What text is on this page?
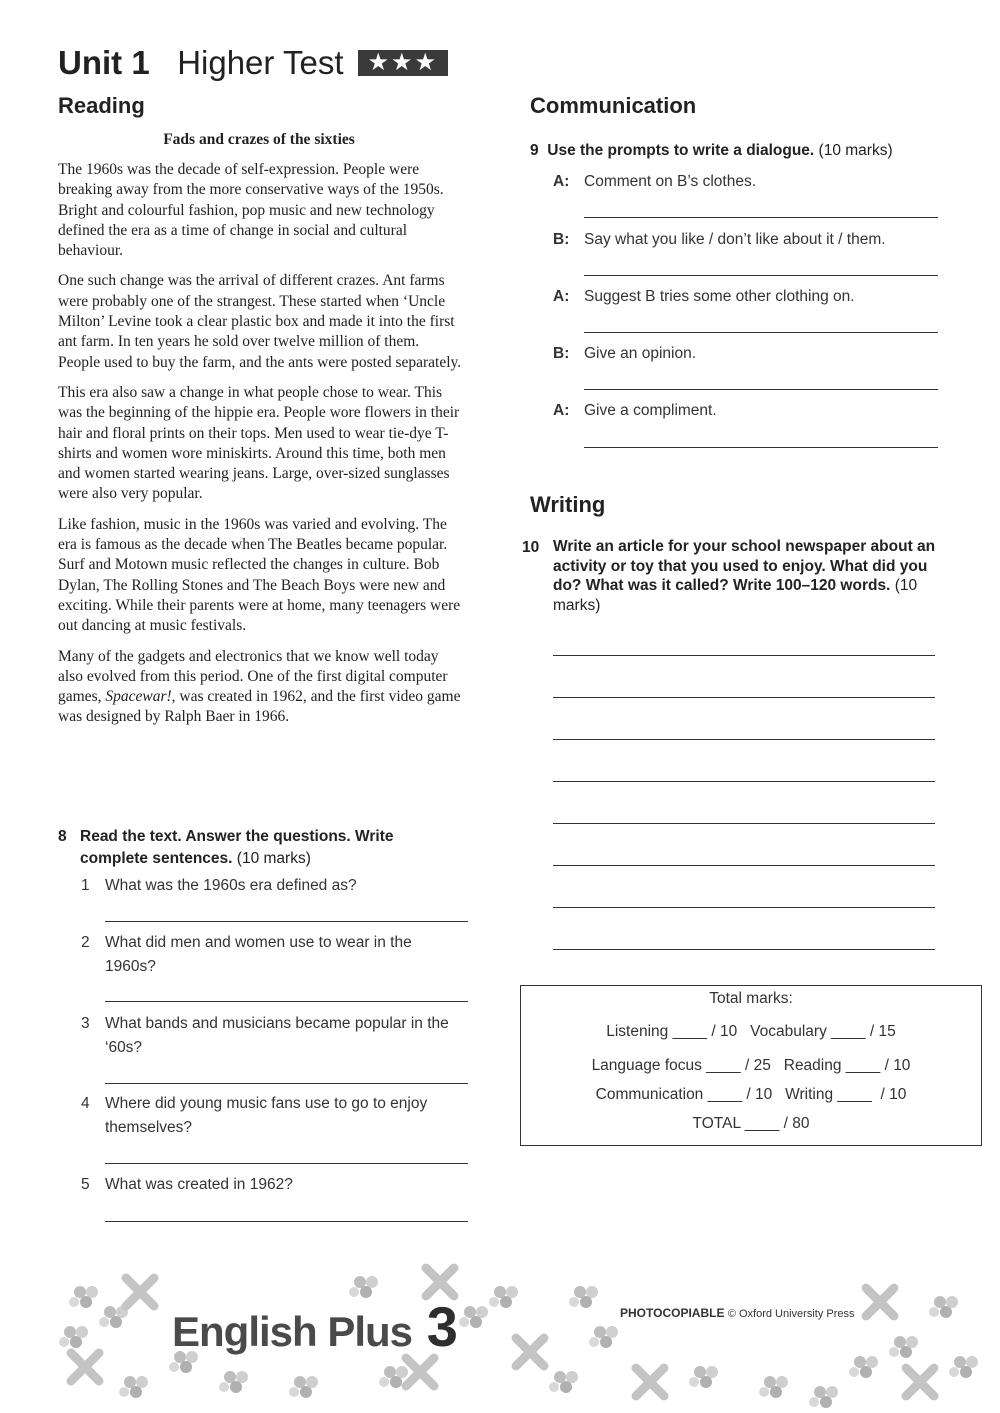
Unit 1 Higher Test ★★★
Reading
Fads and crazes of the sixties

The 1960s was the decade of self-expression. People were breaking away from the more conservative ways of the 1950s. Bright and colourful fashion, pop music and new technology defined the era as a time of change in social and cultural behaviour.

One such change was the arrival of different crazes. Ant farms were probably one of the strangest. These started when ‘Uncle Milton’ Levine took a clear plastic box and made it into the first ant farm. In ten years he sold over twelve million of them. People used to buy the farm, and the ants were posted separately.

This era also saw a change in what people chose to wear. This was the beginning of the hippie era. People wore flowers in their hair and floral prints on their tops. Men used to wear tie-dye T-shirts and women wore miniskirts. Around this time, both men and women started wearing jeans. Large, over-sized sunglasses were also very popular.

Like fashion, music in the 1960s was varied and evolving. The era is famous as the decade when The Beatles became popular. Surf and Motown music reflected the changes in culture. Bob Dylan, The Rolling Stones and The Beach Boys were new and exciting. While their parents were at home, many teenagers were out dancing at music festivals.

Many of the gadgets and electronics that we know well today also evolved from this period. One of the first digital computer games, Spacewar!, was created in 1962, and the first video game was designed by Ralph Baer in 1966.

8 Read the text. Answer the questions. Write complete sentences. (10 marks)
1 What was the 1960s era defined as?
2 What did men and women use to wear in the 1960s?
3 What bands and musicians became popular in the ‘60s?
4 Where did young music fans use to go to enjoy themselves?
5 What was created in 1962?
Communication
9 Use the prompts to write a dialogue. (10 marks)
A: Comment on B’s clothes.
B: Say what you like / don’t like about it / them.
A: Suggest B tries some other clothing on.
B: Give an opinion.
A: Give a compliment.
Writing
10 Write an article for your school newspaper about an activity or toy that you used to enjoy. What did you do? What was it called? Write 100–120 words. (10 marks)
Total marks:
Listening ____ / 10   Vocabulary ____ / 15
Language focus ____ / 25   Reading ____ / 10
Communication ____ / 10   Writing ____  / 10
TOTAL ____ / 80
English Plus 3	PHOTOCOPIABLE © Oxford University Press
